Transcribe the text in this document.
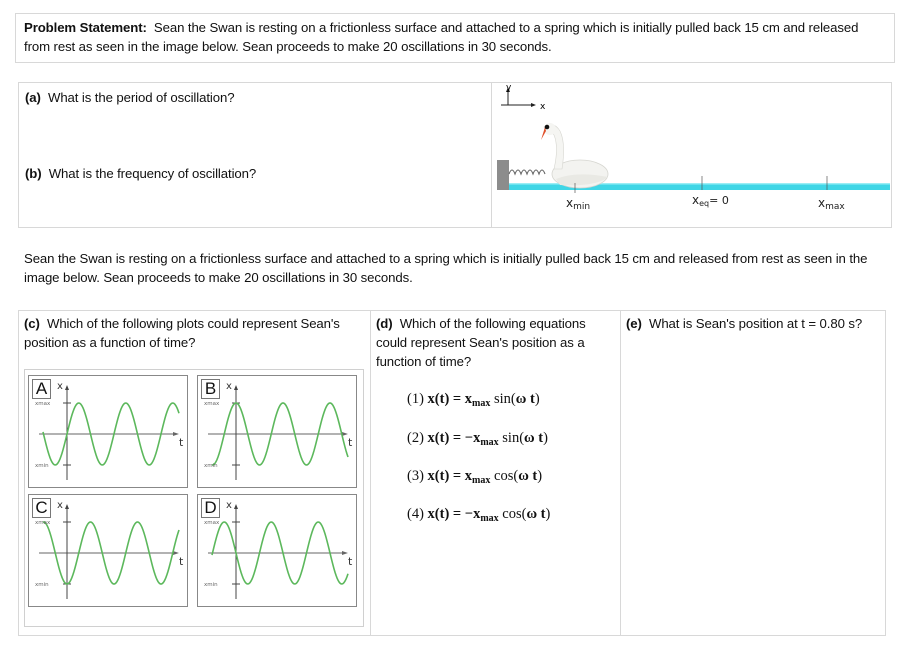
Problem Statement: Sean the Swan is resting on a frictionless surface and attached to a spring which is initially pulled back 15 cm and released from rest as seen in the image below. Sean proceeds to make 20 oscillations in 30 seconds.
(a) What is the period of oscillation?
(b) What is the frequency of oscillation?
y
x
xmin	xeq= 0	xmax
Sean the Swan is resting on a frictionless surface and attached to a spring which is initially pulled back 15 cm and released from rest as seen in the image below. Sean proceeds to make 20 oscillations in 30 seconds.
(c) Which of the following plots could represent Sean's position as a function of time?
x
t
xmax
xmin
A	x
t
xmax
xmin
B
x
t
xmax
xmin
C	x
t
xmax
xmin
D
(d) Which of the following equations could represent Sean's position as a function of time?
(1) $x(t) = x_{max}$ sin(ω t)
(2) $x(t) = -x_{max}$ sin(ω t)
(3) $x(t) = x_{max}$ cos(ω t)
(4) $x(t) = -x_{max}$ cos(ω t)
(e) What is Sean's position at t = 0.80 s?
